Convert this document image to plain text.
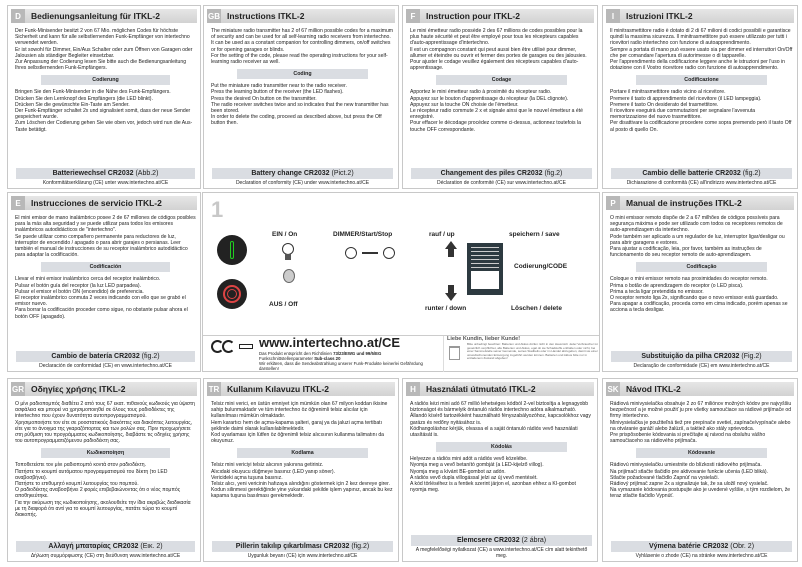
D	Bedienungsanleitung für ITKL-2

Der Funk-Minisender besitzt 2 von 67 Mio. möglichen Codes für höchste Sicherheit und kann für alle selbstlernenden Funk-Empfänger von intertechno verwendet werden.

Er ist sowohl für Dimmer, Ein/Aus Schalter oder zum Öffnen von Garagen oder Jalousien als ständiger Begleiter einsetzbar.

Zur Anpassung der Codierung lesen Sie bitte auch die Bedienungsanleitung Ihres selbstlernenden Funk-Empfängers.

Codierung

Bringen Sie den Funk-Minisender in die Nähe des Funk-Empfängers.

Drücken Sie den Lernknopf des Empfängers (die LED blinkt).

Drücken Sie die gewünschte Ein-Taste am Sender.

Der Funk-Empfänger schaltet 2x und signalisiert somit, dass der neue Sender gespeichert wurde.

Zum Löschen der Codierung gehen Sie wie oben vor, jedoch wird nun die Aus-Taste betätigt.

Batteriewechsel CR2032 (Abb.2)
Konformitätserklärung (CE) unter www.intertechno.at/CE
GB Instructions ITKL-2

The miniature radio transmitter has 2 of 67 million possible codes for a maximum of security and can be used for all self-learning radio receivers from intertechno.

It can be used as a constant companion for controlling dimmers, on/off switches or for opening garages or blinds.

For the setting of the code, please read the operating instructions for your self-learning radio receiver as well.

Coding

Put the miniature radio transmitter near to the radio receiver.

Press the learning button of the receiver (the LED flashes).

Press the desired On button on the transmitter.

The radio receiver switches twice and so indicates that the new transmitter has been stored.

In order to delete the coding, proceed as described above, but press the Off button then.

Battery change CR2032 (Pict.2)
Declaration of conformity (CE) under www.intertechno.at/CE
F	Instruction pour ITKL-2

Le mini émetteur radio possède 2 des 67 millions de codes possibles pour la plus haute sécurité et peut être employé pour tous les récepteurs capables d'auto-apprentissage d'intertechno.

Il est un compagnon constant qui peut aussi bien être utilisé pour dimmer, allumer et éteindre ou ouvrir et fermer des portes de garages ou des jalousies.

Pour ajuster le codage veuillez également des récepteurs capables d'auto-apprentissage.

Codage

Apportez le mini émetteur radio à proximité du récepteur radio.

Appuyez sur le bouton d'apprentissage du récepteur (la DEL clignote).

Appuyez sur la touche ON choisie de l'émetteur.

Le récepteur radio commute 2 x et signale ainsi que le nouvel émetteur a été enregistré.

Pour effacer le décodage procédez comme ci-dessus, actionnez toutefois la touche OFF correspondante.

Changement des piles CR2032 (fig.2)
Déclaration de conformité (CE) sur www.intertechno.at/CE
I	Istruzioni ITKL-2

Il minitrasmettitore radio è dotato di 2 di 67 milioni di codici possibili e garantisce quindi la massima sicurezza. Il minitrasmettitore può essere utilizzato per tutti i ricevitori radio intertechno con funzione di autoapprendimento.

Sempre a portata di mano può essere usato sia per dimmer ed interruttori On/Off che per comandare l'apertura di autorimesse o di tapparelle.

Per l'apprendimento della codificazione leggere anche le istruzioni per l'uso in dotazione con il Vostro ricevitore radio con funzione di autoapprendimento.

Codificazione

Portare il minitrasmettitore radio vicino al ricevitore.

Premere il tasto di apprendimento del ricevitore (il LED lampeggia).

Premere il tasto On desiderato del trasmettitore.

Il ricevitore eseguirà due commutazioni per segnalare l'avvenuta memorizzazione del nuovo trasmettitore.

Per disattivare la codificazione procedere come sopra premendo però il tasto Off al posto di quello On.

Cambio delle batterie CR2032 (fig.2)
Dichiarazione di conformità (CE) all'indirizzo www.intertechno.at/CE
E	Instrucciones de servicio ITKL-2

El mini emisor de mano inalámbrico posee 2 de 67 millones de códigos posibles para la más alta seguridad y se puede utilizar para todos los emisores inalámbricos autodidácticos de "intertechno".

Se puede utilizar como compañero permanente para reductores de luz, interruptor de encendido / apagado o para abrir garajes o persianas. Leer también el manual de instrucciones de su receptor inalámbrico autodidáctico para adaptar la codificación.

Codificación

Llevar el mini emisor inalámbrico cerca del receptor inalámbrico.

Pulsar el botón guía del receptor (la luz LED parpadea).

Pulsar el emisor el botón ON (encendido) de preferencia.

El receptor inalámbrico conmuta 2 veces indicando con ello que se grabó el emisor nuevo.

Para borrar la codificación proceder como sigue, no obstante pulsar ahora el botón OFF (apagado).

Cambio de batería CR2032 (fig.2)
Declaración de conformidad (CE) en www.intertechno.at/CE
P	Manual de instruções ITKL-2

O mini emissor remoto dispõe de 2 a 67 milhões de códigos possíveis para segurança máxima e pode ser utilizado com todos os receptores remotos de auto-aprendizagem da intertechno.

Pode também ser aplicado a um regulador de luz, interruptor ligar/desligar ou para abrir garagens e estores.

Para ajustar a codificação, leia, por favor, também as instruções de funcionamento do seu receptor remoto de auto-aprendizagem.

Codificação

Coloque o mini emissor remoto nas proximidades do receptor remoto.

Prima o botão de aprendizagem do receptor (o LED pisca).

Prima a tecla ligar pretendida no emissor.

O receptor remoto liga 2x, significando que o novo emissor está guardado.

Para apagar a codificação, proceda como em cima indicado, porém apenas se acciona a tecla desligar.

Substituição da pilha CR2032 (Fig.2)
Declaração de conformidade (CE) em www.intertechno.at/CE
GR Οδηγίες χρήσης ITKL-2

Ο μίνι ραδιοπομπός διαθέτει 2 από τους 67 εκατ. πιθανούς κωδικούς για ύψιστη ασφάλεια και μπορεί να χρησιμοποιηθεί σε όλους τους ραδιοδέκτες της intertechno που έχουν δυνατότητα αυτοπρογραμματισμού.

Χρησιμοποιήστε τον είτε σε ροοστατικούς διακόπτες και διακόπτες λειτουργίας, είτε για το άνοιγμα της γκαραζόπορτας και των ρολών σας. Πριν προχωρήσετε στη ρύθμιση του προγράμματος κωδικοποίησης, διαβάστε τις οδηγίες χρήσης του αυτοπρογραμματιζόμενου ραδιοδέκτη σας.

Κωδικοποίηση

Τοποθετείστε τον μίνι ραδιοπομπό κοντά στον ραδιοδέκτη.

Πατήστε το κουμπί αυτόματου προγραμματισμού του δέκτη (το LED αναβοσβήνει).

Πατήστε το επιθυμητό κουμπί λειτουργίας του πομπού.

Ο ραδιοδέκτης αναβοσβήνει 2 φορές επιβεβαιώνοντας ότι ο νέος πομπός αποθηκεύτηκε.

Για την ακύρωση της κωδικοποίησης, ακολουθείτε την ίδια ακριβώς διαδικασία με τη διαφορά ότι αντί για το κουμπί λειτουργίας, πατάτε τώρα το κουμπί διακοπής.

Αλλαγή μπαταρίας CR2032 (Εικ. 2)
Δήλωση συμμόρφωσης (CE) στη διεύθυνση www.intertechno.at/CE
TR Kullanım Kılavuzu ITKL-2

Telsiz mini verici, en üstün emniyet için mümkün olan 67 milyon koddan ikisine sahip bulunmaktadır ve tüm intertechno öz öğrenimli telsiz alıcılar için kullanılması mümkün olmaktadır.

Hem karartıcı hem de açma-kapama şalteri, garaj ya da jaluzi açma tertibatı şeklinde daimi olarak kullanılabilmektedir.

Kod uyarlaması için lütfen öz öğrenimli telsiz alıcısının kullanma talimatını da okuyunuz.

Kodlama

Telsiz mini vericiyi telsiz alıcının yakınına getiriniz.

Alıcıdaki okuyucu düğmeye basınız (LED yanıp söner).

Vericideki açma tuşuna basınız.

Telsiz alıcı, yeni vericinin hafızaya alındığını göstermek için 2 kez devreye girer.

Kodun silinmesi gerektiğinde yine yukarıdaki şekilde işlem yapınız, ancak bu kez kapama tuşuna basılması gerekmektedir.

Pillerin takılıp çıkartılması CR2032 (fig.2)
Uygunluk beyanı (CE) için www.intertechno.at/CE
H	Használati útmutató ITKL-2

A rádiós kézi mini adó 67 millió lehetséges kódból 2-vel biztosítja a legnagyobb biztonságot és bármelyik öntanuló rádiós intertechno adóra alkalmazható.

Állandó kísérő tartozékként használható fényszabályozóhoz, kapcsolókhoz vagy garázs és redőny nyitásához is.

Kódhangoláshoz kérjük, olvassa el a saját öntanuló rádiós vevő használati utasítását is.

Kódolás

Helyezze a rádiós mini adót a rádiós vevő közelébe.

Nyomja meg a vevő betanító gombját (a LED-kijelző villog).

Nyomja meg a kívánt BE-gombot az adón.

A rádiós vevő dupla villogással jelzi az új vevő mentését.

A kód törléséhez is a fentiek szerint járjon el, azonban ehhez a KI-gombot nyomja meg.

Elemcsere CR2032 (2 ábra)
A megfelelőségi nyilatkozat (CE) a www.intertechno.at/CE cím alatt tekinthető meg.
SK Návod ITKL-2

Rádiová minivysielačka obsahuje 2 zo 67 miliónov možných kódov pre najvyššiu bezpečnosť a je možné použiť ju pre všetky samoučiace sa rádiové prijímače od firmy intertechno.

Minivysielačka je použiteľná tiež pre prepínače svetiel, zapínače/vypínače alebo na otváranie garáží alebo žalúzií, a taktiež ako stály sprievodca.

Pre prispôsobenie kódovania si prečítajte aj návod na obsluhu vášho samoučiaceho sa rádiového prijímača.

Kódovanie

Rádiovú minivysielačku umiestnite do blízkosti rádiového prijímača.

Na prijímači stlačte tlačidlo pre aktivovanie funkcie učenia (LED bliká).

Stlačte požadované tlačidlo Zapnúť na vysielači.

Rádiový prijímač zapne 2x a signalizuje tak, že sa uložil nový vysielač.

Na vymazanie kódovania postupujte ako je uvedené vyššie, s tým rozdielom, že teraz stlačte tlačidlo Vypnúť.

Výmena batérie CR2032 (Obr. 2)
Vyhlásenie o zhode (CE) na stránke www.intertechno.at/CE
1
EIN / On
AUS / Off
DIMMER/Start/Stop	rauf / up
runter / down
speichern / save
Codierung/CODE
Löschen / delete
www.intertechno.at/CE
Das Produkt entspricht den Richtlinien 73/23/EWG und 99/5/EG
Funkschnittstellenparameter Sub-class 20
Wir erklären, dass die Sendeabstrahlung unserer Funk-Produkte keinerlei Gefährdung darstellen!
Liebe Kundin, lieber Kunde!
Bitte unbedingt beachten: Batterien und Akkus dürfen nicht in den Hausmüll. Jeder Verbraucher ist gesetzlich verpflichtet, alle Batterien und Akkus, egal ob sie Schadstoffe enthalten oder nicht, bei einer Sammelstelle seiner Gemeinde, seines Stadtteils oder im Handel abzugeben, damit sie einer umweltschonenden Entsorgung zugeführt werden können. Batterien und Akkus bitte nur in entladenem Zustand abgeben!
